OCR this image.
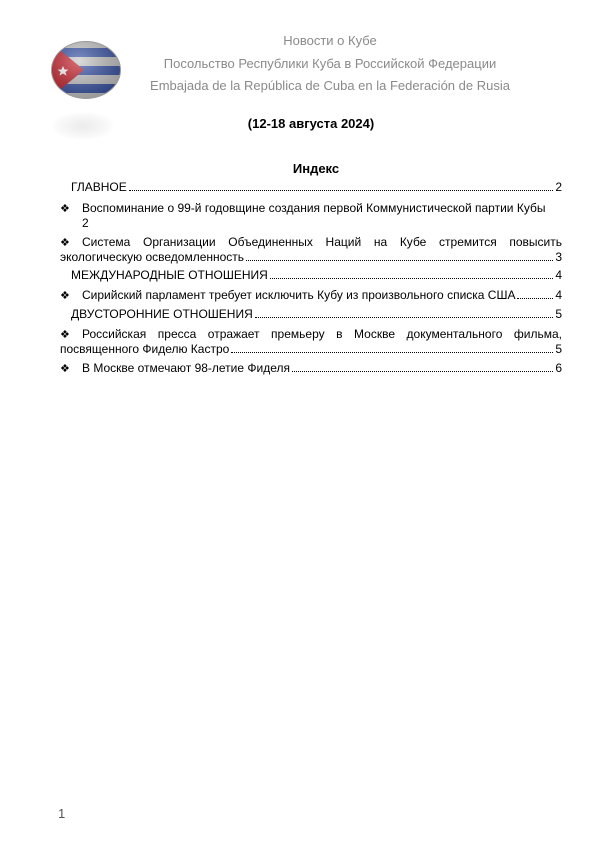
Новости о Кубе
Посольство Республики Куба в Российской Федерации
Embajada de la República de Cuba en la Federación de Rusia
(12-18 августа 2024)
Индекс
ГЛАВНОЕ	2
❖	Воспоминание о 99-й годовщине создания первой Коммунистической партии Кубы
2
❖	Система Организации Объединенных Наций на Кубе стремится повысить
экологическую осведомленность	3
МЕЖДУНАРОДНЫЕ ОТНОШЕНИЯ	4
❖	Сирийский парламент требует исключить Кубу из произвольного списка США	4
ДВУСТОРОННИЕ ОТНОШЕНИЯ	5
❖	Российская пресса отражает премьеру в Москве документального фильма,
посвященного Фиделю Кастро	5
❖	В Москве отмечают 98-летие Фиделя	6
1
